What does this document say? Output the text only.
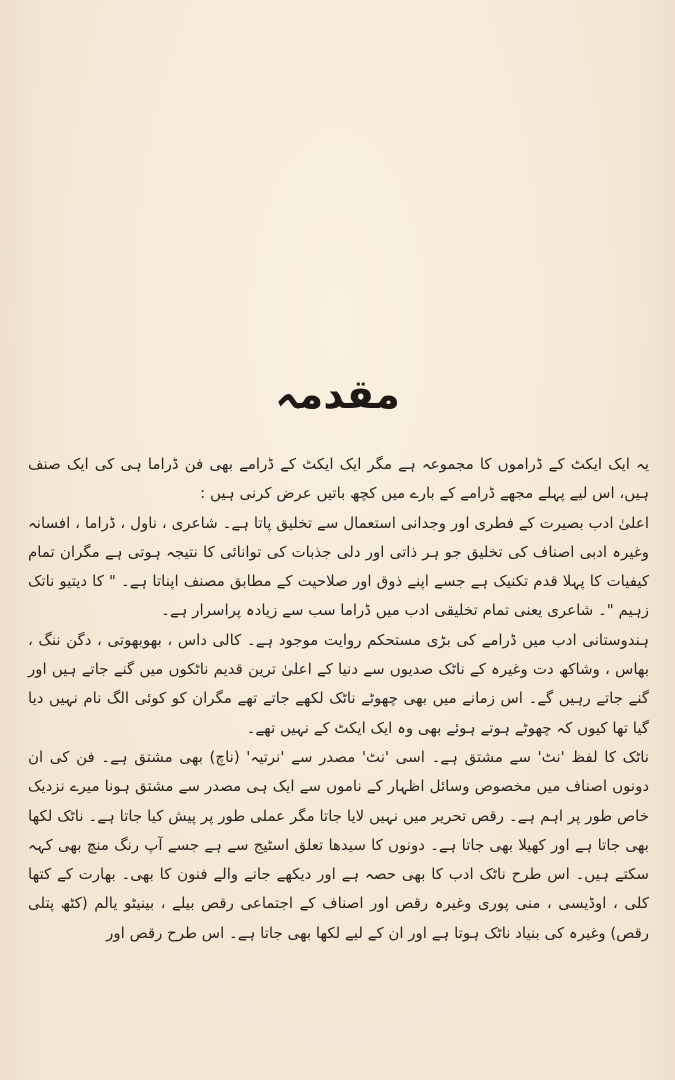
مقدمہ

یہ ایک ایکٹ کے ڈراموں کا مجموعہ ہے مگر ایک ایکٹ کے ڈرامے بھی فن ڈراما ہی کی ایک صنف ہیں، اس لیے پہلے مجھے ڈرامے کے بارے میں کچھ باتیں عرض کرنی ہیں :

اعلیٰ ادب بصیرت کے فطری اور وجدانی استعمال سے تخلیق پاتا ہے۔ شاعری ، ناول ، ڈراما ، افسانہ وغیرہ ادبی اصناف کی تخلیق جو ہر ذاتی اور دلی جذبات کی توانائی کا نتیجہ ہوتی ہے مگران تمام کیفیات کا پہلا قدم تکنیک ہے جسے اپنے ذوق اور صلاحیت کے مطابق مصنف اپناتا ہے۔ " کا دیتیو ناتک زہیم "۔ شاعری یعنی تمام تخلیقی ادب میں ڈراما سب سے زیادہ پراسرار ہے۔

ہندوستانی ادب میں ڈرامے کی بڑی مستحکم روایت موجود ہے۔ کالی داس ، بھوبھوتی ، دگن ننگ ، بھاس ، وشاکھ دت وغیرہ کے ناٹک صدیوں سے دنیا کے اعلیٰ ترین قدیم ناٹکوں میں گنے جاتے ہیں اور گنے جاتے رہیں گے۔ اس زمانے میں بھی چھوٹے ناٹک لکھے جاتے تھے مگران کو کوئی الگ نام نہیں دیا گیا تھا کیوں کہ چھوٹے ہوتے ہوئے بھی وہ ایک ایکٹ کے نہیں تھے۔

ناٹک کا لفظ 'نٹ' سے مشتق ہے۔ اسی 'نٹ' مصدر سے 'نرتیہ' (ناچ) بھی مشتق ہے۔ فن کی ان دونوں اصناف میں مخصوص وسائل اظہار کے ناموں سے ایک ہی مصدر سے مشتق ہونا میرے نزدیک خاص طور پر اہم ہے۔ رقص تحریر میں نہیں لایا جاتا مگر عملی طور پر پیش کیا جاتا ہے۔ ناٹک لکھا بھی جاتا ہے اور کھیلا بھی جاتا ہے۔ دونوں کا سیدھا تعلق اسٹیج سے ہے جسے آپ رنگ منچ بھی کہہ سکتے ہیں۔ اس طرح ناٹک ادب کا بھی حصہ ہے اور دیکھے جانے والے فنون کا بھی۔ بھارت کے کتھا کلی ، اوڈیسی ، منی پوری وغیرہ رقص اور اصناف کے اجتماعی رقص بیلے ، بینیٹو یالم (کٹھ پتلی رقص) وغیرہ کی بنیاد ناٹک ہوتا ہے اور ان کے لیے لکھا بھی جاتا ہے۔ اس طرح رقص اور
